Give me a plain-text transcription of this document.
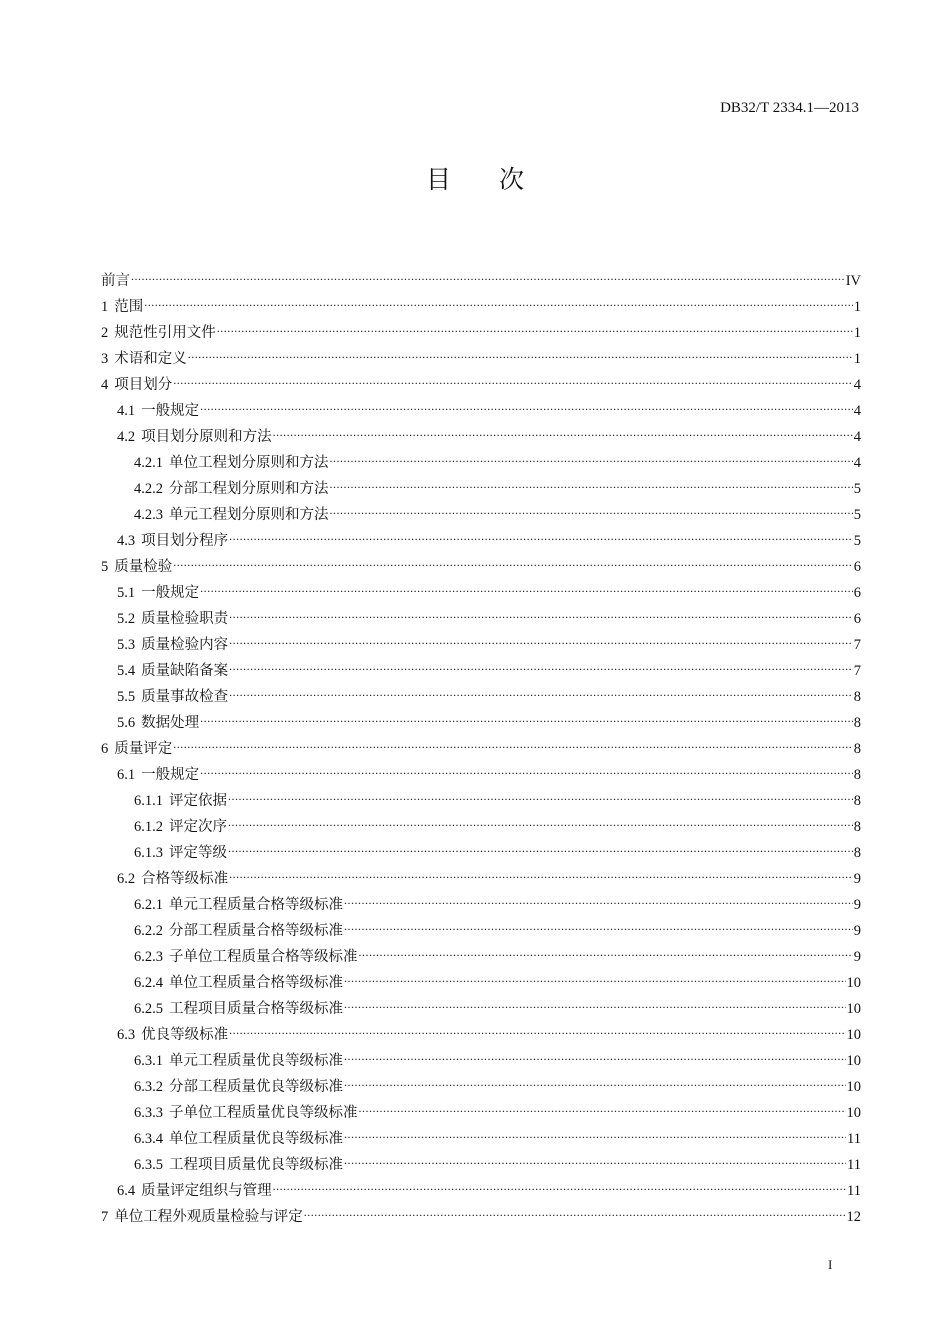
DB32/T 2334.1—2013
目 次
前言 .....	IV
1 范围 .....	1
2 规范性引用文件 .....	1
3 术语和定义 .....	1
4 项目划分 .....	4
4.1 一般规定 .....	4
4.2 项目划分原则和方法 .....	4
4.2.1 单位工程划分原则和方法 .....	4
4.2.2 分部工程划分原则和方法 .....	5
4.2.3 单元工程划分原则和方法 .....	5
4.3 项目划分程序 .....	5
5 质量检验 .....	6
5.1 一般规定 .....	6
5.2 质量检验职责 .....	6
5.3 质量检验内容 .....	7
5.4 质量缺陷备案 .....	7
5.5 质量事故检查 .....	8
5.6 数据处理 .....	8
6 质量评定 .....	8
6.1 一般规定 .....	8
6.1.1 评定依据 .....	8
6.1.2 评定次序 .....	8
6.1.3 评定等级 .....	8
6.2 合格等级标准 .....	9
6.2.1 单元工程质量合格等级标准 .....	9
6.2.2 分部工程质量合格等级标准 .....	9
6.2.3 子单位工程质量合格等级标准 .....	9
6.2.4 单位工程质量合格等级标准 .....	10
6.2.5 工程项目质量合格等级标准 .....	10
6.3 优良等级标准 .....	10
6.3.1 单元工程质量优良等级标准 .....	10
6.3.2 分部工程质量优良等级标准 .....	10
6.3.3 子单位工程质量优良等级标准 .....	10
6.3.4 单位工程质量优良等级标准 .....	11
6.3.5 工程项目质量优良等级标准 .....	11
6.4 质量评定组织与管理 .....	11
7 单位工程外观质量检验与评定 .....	12
I
